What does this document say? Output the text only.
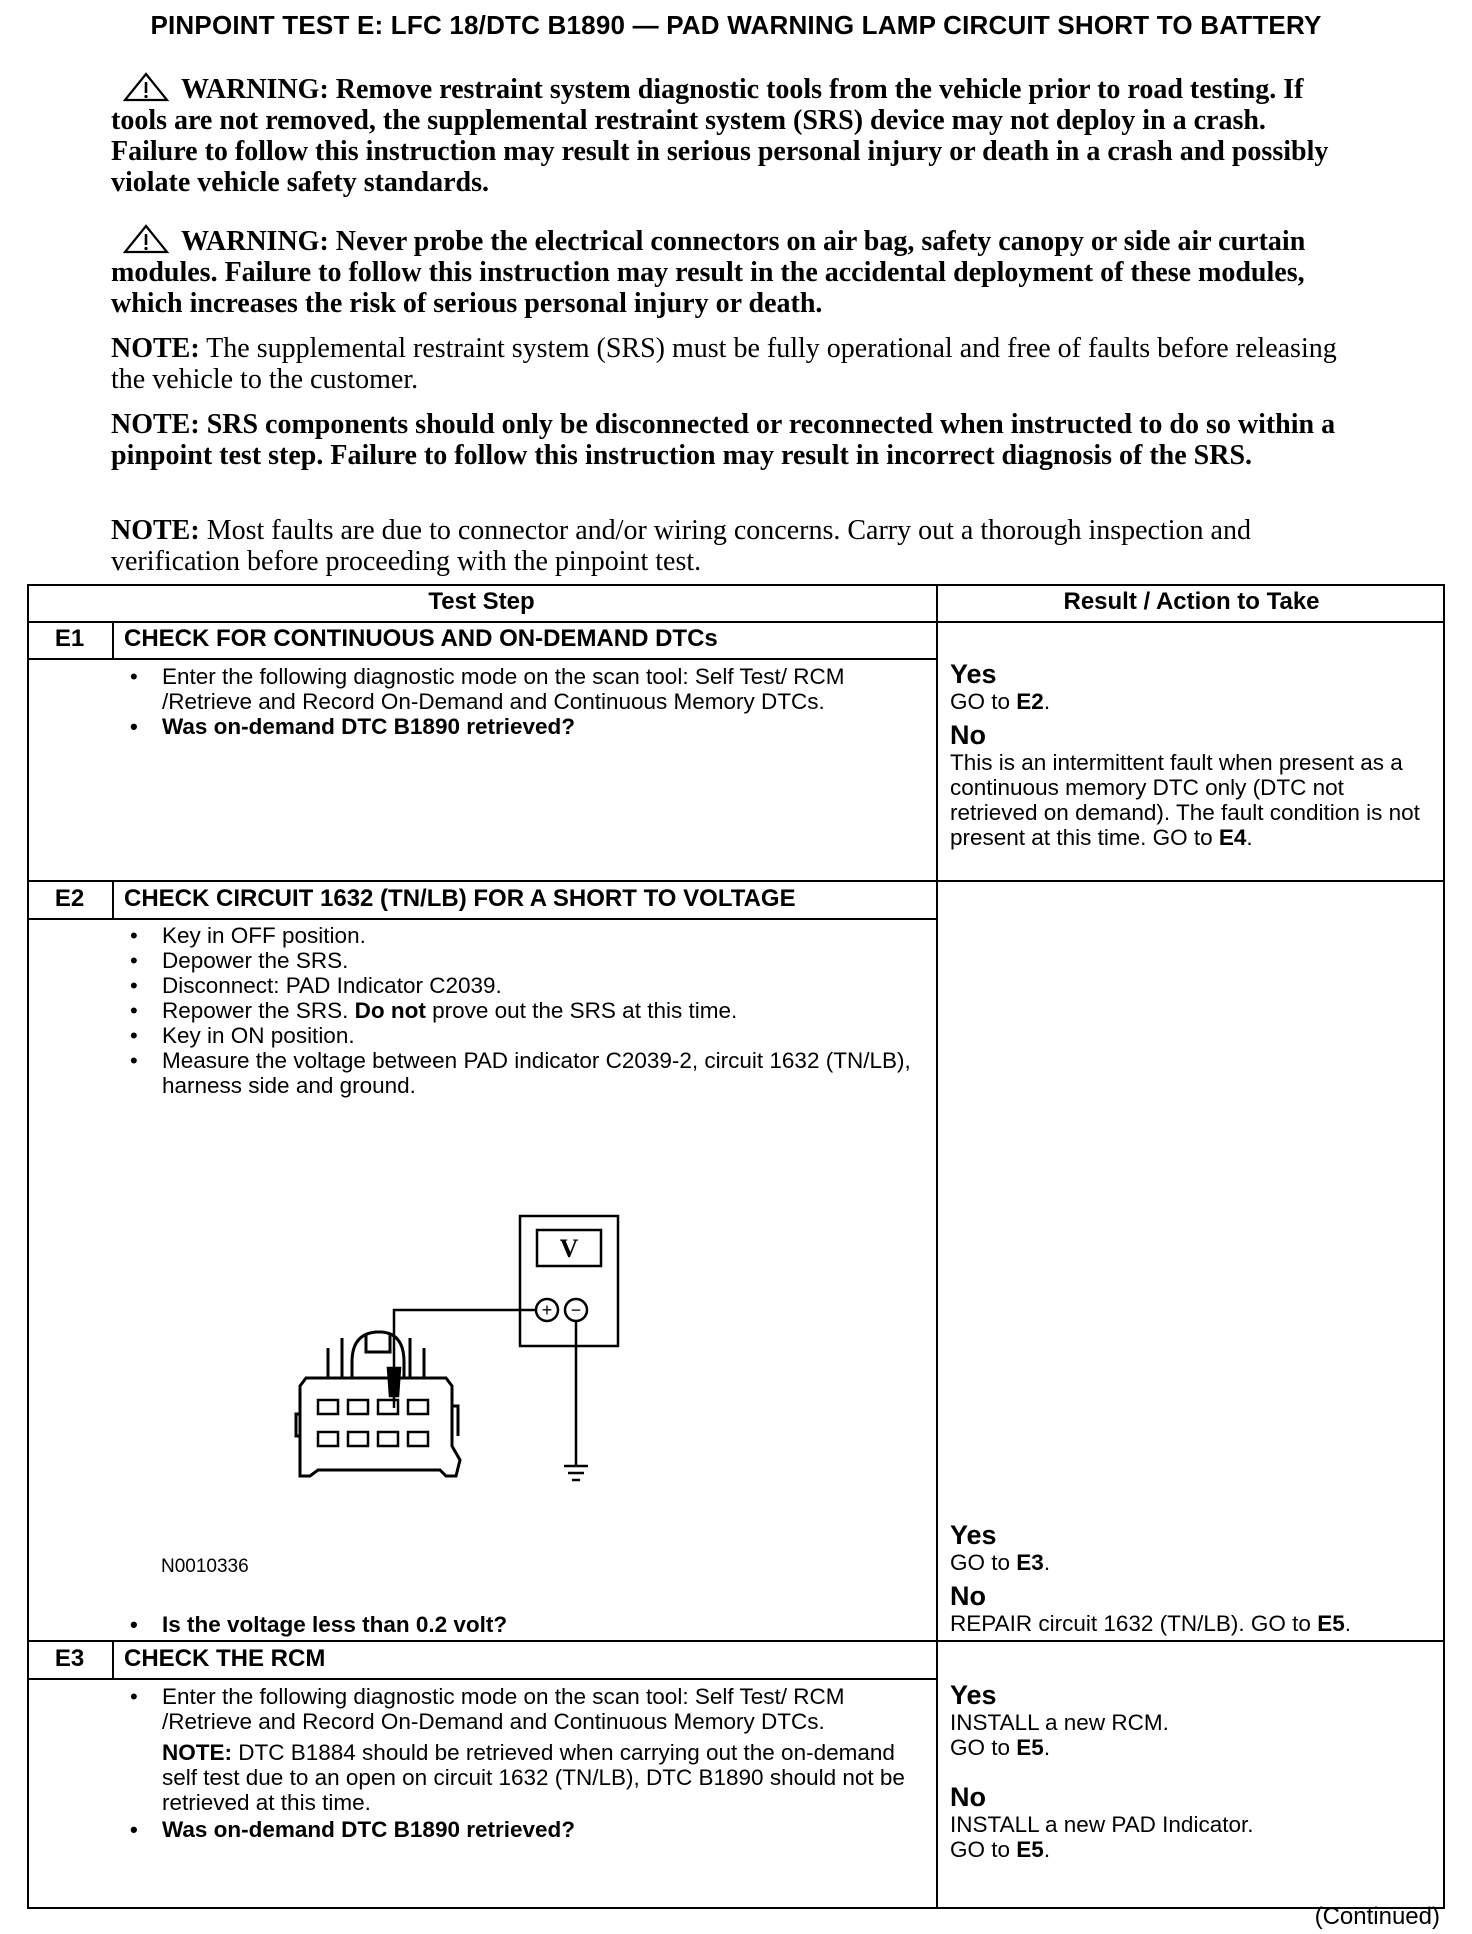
PINPOINT TEST E: LFC 18/DTC B1890 — PAD WARNING LAMP CIRCUIT SHORT TO BATTERY
WARNING: Remove restraint system diagnostic tools from the vehicle prior to road testing. If tools are not removed, the supplemental restraint system (SRS) device may not deploy in a crash. Failure to follow this instruction may result in serious personal injury or death in a crash and possibly violate vehicle safety standards.
WARNING: Never probe the electrical connectors on air bag, safety canopy or side air curtain modules. Failure to follow this instruction may result in the accidental deployment of these modules, which increases the risk of serious personal injury or death.
NOTE: The supplemental restraint system (SRS) must be fully operational and free of faults before releasing the vehicle to the customer.
NOTE: SRS components should only be disconnected or reconnected when instructed to do so within a pinpoint test step. Failure to follow this instruction may result in incorrect diagnosis of the SRS.
NOTE: Most faults are due to connector and/or wiring concerns. Carry out a thorough inspection and verification before proceeding with the pinpoint test.
Test Step	Result / Action to Take
E1	CHECK FOR CONTINUOUS AND ON-DEMAND DTCs
• Enter the following diagnostic mode on the scan tool: Self Test/ RCM /Retrieve and Record On-Demand and Continuous Memory DTCs.
• Was on-demand DTC B1890 retrieved?
Yes
GO to E2.
No
This is an intermittent fault when present as a continuous memory DTC only (DTC not retrieved on demand). The fault condition is not present at this time. GO to E4.
E2	CHECK CIRCUIT 1632 (TN/LB) FOR A SHORT TO VOLTAGE
• Key in OFF position.
• Depower the SRS.
• Disconnect: PAD Indicator C2039.
• Repower the SRS. Do not prove out the SRS at this time.
• Key in ON position.
• Measure the voltage between PAD indicator C2039-2, circuit 1632 (TN/LB), harness side and ground.
V
+ −
N0010336
• Is the voltage less than 0.2 volt?
Yes
GO to E3.
No
REPAIR circuit 1632 (TN/LB). GO to E5.
E3	CHECK THE RCM
• Enter the following diagnostic mode on the scan tool: Self Test/ RCM /Retrieve and Record On-Demand and Continuous Memory DTCs.
NOTE: DTC B1884 should be retrieved when carrying out the on-demand self test due to an open on circuit 1632 (TN/LB), DTC B1890 should not be retrieved at this time.
• Was on-demand DTC B1890 retrieved?
Yes
INSTALL a new RCM.
GO to E5.
No
INSTALL a new PAD Indicator.
GO to E5.
(Continued)
